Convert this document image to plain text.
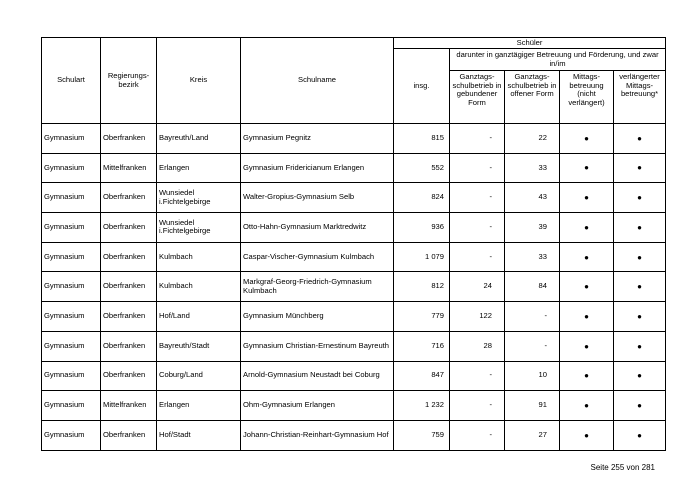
Schulart	Regierungs-
bezirk	Kreis	Schulname	Schüler				
				insg.	darunter in ganztägiger Betreuung und Förderung, und zwar in/im			
					Ganztags-
schulbetrieb in
gebundener
Form	Ganztags-
schulbetrieb in
offener Form	Mittags-
betreuung
(nicht
verlängert)	verlängerter
Mittags-
betreuung*
Gymnasium	Oberfranken	Bayreuth/Land	Gymnasium Pegnitz	815	-	22	●	●
Gymnasium	Mittelfranken	Erlangen	Gymnasium Fridericianum Erlangen	552	-	33	●	●
Gymnasium	Oberfranken	Wunsiedel
i.Fichtelgebirge	Walter-Gropius-Gymnasium Selb	824	-	43	●	●
Gymnasium	Oberfranken	Wunsiedel
i.Fichtelgebirge	Otto-Hahn-Gymnasium Marktredwitz	936	-	39	●	●
Gymnasium	Oberfranken	Kulmbach	Caspar-Vischer-Gymnasium Kulmbach	1 079	-	33	●	●
Gymnasium	Oberfranken	Kulmbach	Markgraf-Georg-Friedrich-Gymnasium
Kulmbach	812	24	84	●	●
Gymnasium	Oberfranken	Hof/Land	Gymnasium Münchberg	779	122	-	●	●
Gymnasium	Oberfranken	Bayreuth/Stadt	Gymnasium Christian-Ernestinum Bayreuth	716	28	-	●	●
Gymnasium	Oberfranken	Coburg/Land	Arnold-Gymnasium Neustadt bei Coburg	847	-	10	●	●
Gymnasium	Mittelfranken	Erlangen	Ohm-Gymnasium Erlangen	1 232	-	91	●	●
Gymnasium	Oberfranken	Hof/Stadt	Johann-Christian-Reinhart-Gymnasium Hof	759	-	27	●	●
Seite 255 von 281
